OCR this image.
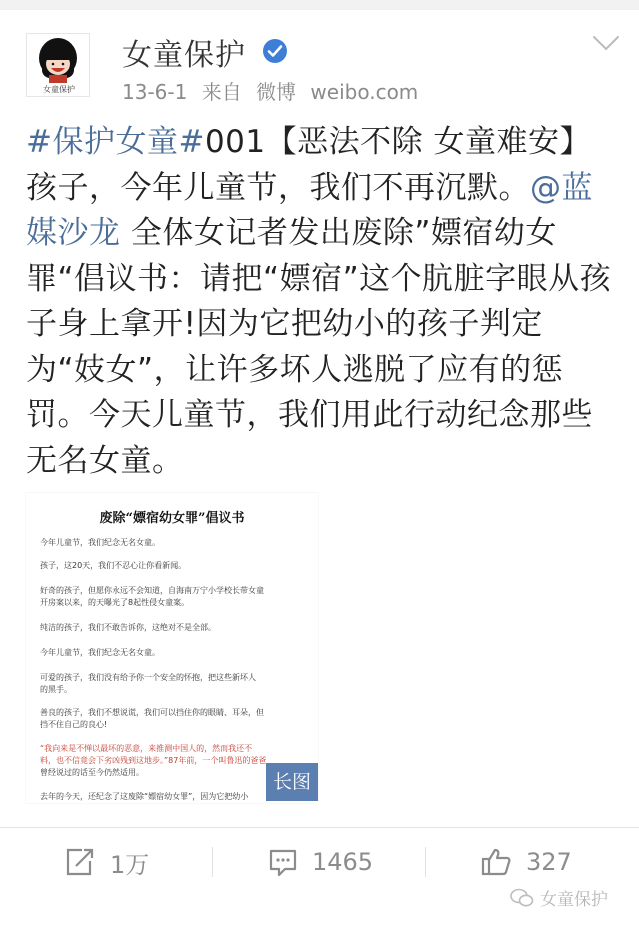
女童保护
女童保护
13-6-1 来自 微博 weibo.com
#保护女童#001【恶法不除 女童难安】孩子，今年儿童节，我们不再沉默。@蓝媒沙龙 全体女记者发出废除”嫖宿幼女罪“倡议书：请把“嫖宿”这个肮脏字眼从孩子身上拿开!因为它把幼小的孩子判定为“妓女”，让许多坏人逃脱了应有的惩罚。今天儿童节，我们用此行动纪念那些无名女童。
废除“嫖宿幼女罪”倡议书
今年儿童节，我们纪念无名女童。
孩子，这20天，我们不忍心让你看新闻。
好奇的孩子，但愿你永远不会知道，自海南万宁小学校长带女童
开房案以来，的天曝光了8起性侵女童案。
纯洁的孩子，我们不敢告诉你，这绝对不是全部。
今年儿童节，我们纪念无名女童。
可爱的孩子，我们没有给予你一个安全的怀抱，把这些新坏人
的黑手。
善良的孩子，我们不想说谎，我们可以挡住你的眼睛、耳朵，但
挡不住自己的良心!
“我向来是不惮以最坏的恶意，来推测中国人的，然而我还不
料，也不信竟会下劣凶残到这地步。”87年前，一个叫鲁迅的爸爸
曾经说过的话至今仍然适用。
去年的今天，还纪念了这废除“嫖宿幼女罪”，因为它把幼小
长图
1万	1465	327
女童保护
